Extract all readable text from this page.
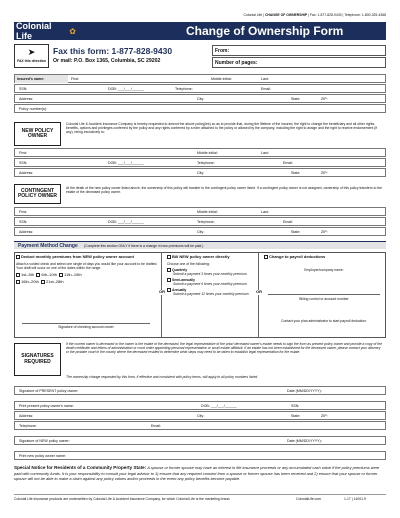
Colonial Life | CHANGE OF OWNERSHIP | Fax: 1-877-828-9430 | Telephone: 1-800-325-4368
Colonial Life	✿	Change of Ownership Form
➤
FAX this direction
Fax this form: 1-877-828-9430
Or mail: P.O. Box 1365, Columbia, SC 29202
From:
Number of pages:
Insured's name:	First:	Middle initial:	Last:
SSN:	DOB: ___/___/______	Telephone:	Email:
Address:	City:	State:	ZIP:
Policy number(s):
NEW POLICY OWNER
Colonial Life & Accident Insurance Company is hereby requested to amend the above policy(ies) so as to provide that, during the lifetime of the insured, the right to change the beneficiary and all other rights, benefits, options and privileges conferred by the policy and any rights conferred by a rider attached to the policy or allowed by the company, including the right to assign and the right to receive endorsement (if any), being exclusively to:
First:	Middle initial:	Last:
SSN:	DOB: ___/___/______	Telephone:	Email:
Address:	City:	State:	ZIP:
CONTINGENT POLICY OWNER
At the death of the new policy owner listed above, the ownership of this policy will transfer to the contingent policy owner listed. If a contingent policy owner is not assigned, ownership of this policy transfers to the estate of the deceased policy owner.
First:	Middle initial:	Last:
SSN:	DOB: ___/___/______	Telephone:	Email:
Address:	City:	State:	ZIP:
Payment Method Change (Complete this section ONLY if there is a change in how premiums will be paid.)
Deduct monthly premiums from NEW policy owner account
Attach a voided check and select one single of days you would like your account to be drafted. Your draft will occur on one of the dates within the range.
1st–5th 6th–10th 11th–15th
16th–20th 21st–28th
Signature of checking account owner
OR	OR
Bill NEW policy owner directly
Choose one of the following:
Quarterly
Submit a payment 3 times your monthly premium
Semi-annually
Submit a payment 6 times your monthly premium
Annually
Submit a payment 12 times your monthly premium
Change to payroll deductions
Employer/company name:
Billing control or account number
Contact your plan administrator to start payroll deduction.
SIGNATURES REQUIRED
If the current owner is deceased or the owner is the estate of the deceased, the legal representative of the prior/ deceased owner's estate needs to sign the form as present policy owner and provide a copy of the death certificate and letters of administration or court order appointing personal representative or small estate affidavit. If an estate has not been established for the deceased owner, please contact your attorney or the probate court in the county where the deceased resided to determine what steps may need to be taken to establish legal representation for the estate.
The ownership change requested by this form, if effective and consistent with policy terms, will apply to all policy numbers listed.
Signature of PRESENT policy owner:	Date (MM/DD/YYYY):
Print present policy owner's name:	DOB: ___/___/______	SSN:
Address:	City:	State:	ZIP:
Telephone:	Email:
Signature of NEW policy owner:	Date (MM/DD/YYYY):
Print new policy owner name:
Special Notice for Residents of a Community Property State: A spouse or former spouse may have an interest in life insurance proceeds or any accumulated cash value if the policy premiums were paid with community funds. It is your responsibility to consult your legal advisor to 1) ensure that any required consent from a spouse or former spouse has been received and 2) ensure that your spouse or former spouse will not be able to make a claim against any policy values and/or proceeds in the event any policy benefits become payable.
Colonial Life insurance products are underwritten by Colonial Life & Accident Insurance Company, for which Colonial Life is the marketing brand.	ColonialLife.com	1-17 | 14001-9
